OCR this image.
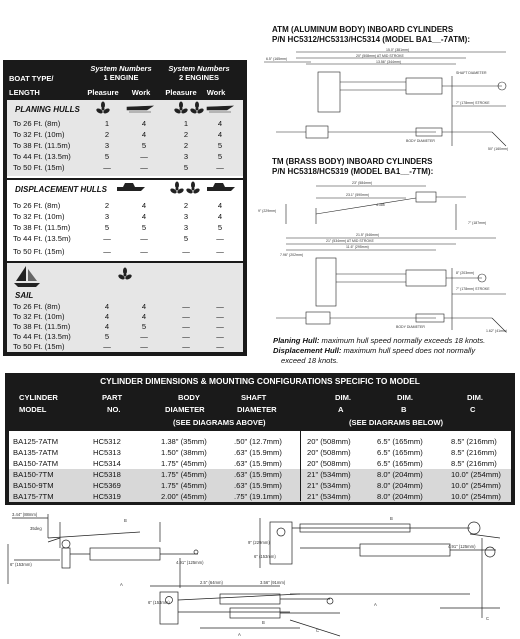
BOAT TYPE/
LENGTH
System Numbers
1 ENGINE
System Numbers
2 ENGINES
Pleasure	Work	Pleasure	Work
PLANING HULLS
To 26 Ft. (8m)	1	4	1	4
To 32 Ft. (10m)	2	4	2	4
To 38 Ft. (11.5m)	3	5	2	5
To 44 Ft. (13.5m)	5	—	3	5
To 50 Ft. (15m)	—	—	5	—
DISPLACEMENT HULLS
To 26 Ft. (8m)	2	4	2	4
To 32 Ft. (10m)	3	4	3	4
To 38 Ft. (11.5m)	5	5	3	5
To 44 Ft. (13.5m)	—	—	5	—
To 50 Ft. (15m)	—	—	—	—
SAIL
To 26 Ft. (8m)	4	4	—	—
To 32 Ft. (10m)	4	4	—	—
To 38 Ft. (11.5m)	4	5	—	—
To 44 Ft. (13.5m)	5	—	—	—
To 50 Ft. (15m)	—	—	—	—
ATM (ALUMINUM BODY) INBOARD CYLINDERS
P/N HC5312/HC5313/HC5314 (MODEL BA1__-7ATM):
15.0" (381mm)
20" (508mm) AT MID STROKE
13.56" (344mm)
6.5" (165mm)
SHAFT DIAMETER
7" (178mm) STROKE
BODY DIAMETER
50" (160mm)
TM (BRASS BODY) INBOARD CYLINDERS
P/N HC5318/HC5319 (MODEL BA1__-7TM):
23" (584mm)
23.1" (590mm)
9" (229mm)
4.385
7" (187mm)
21.5" (546mm)
21" (534mm) AT MID STROKE
11.6" (295mm)
7.96" (202mm)
8" (203mm)
7" (178mm) STROKE
BODY DIAMETER
1.62" (41mm)
Planing Hull: maximum hull speed normally exceeds 18 knots.
Displacement Hull: maximum hull speed does not normally
exceed 18 knots.
CYLINDER DIMENSIONS & MOUNTING CONFIGURATIONS SPECIFIC TO MODEL
CYLINDER
MODEL
PART
NO.
BODY
DIAMETER
SHAFT
DIAMETER
DIM.
A
DIM.
B
DIM.
C
(SEE DIAGRAMS ABOVE)	(SEE DIAGRAMS BELOW)
BA125-7ATM	HC5312	1.38" (35mm)	.50" (12.7mm)	20" (508mm)	6.5" (165mm)	8.5" (216mm)
BA135-7ATM	HC5313	1.50" (38mm)	.63" (15.9mm)	20" (508mm)	6.5" (165mm)	8.5" (216mm)
BA150-7ATM	HC5314	1.75" (45mm)	.63" (15.9mm)	20" (508mm)	6.5" (165mm)	8.5" (216mm)
BA150-7TM	HC5318	1.75" (45mm)	.63" (15.9mm)	21" (534mm)	8.0" (204mm)	10.0" (254mm)
BA150-9TM	HC5369	1.75" (45mm)	.63" (15.9mm)	21" (534mm)	8.0" (204mm)	10.0" (254mm)
BA175-7TM	HC5319	2.00" (45mm)	.75" (19.1mm)	21" (534mm)	8.0" (204mm)	10.0" (254mm)
3.44" (88mm)
35deg
6" (153mm)	4.91" (125mm)
B
A
9" (229mm)
6" (153mm)
4.91" (125mm)
A
B
C
2.5" (64mm)	3.56" (91mm)
6" (153mm)
A
B
C
